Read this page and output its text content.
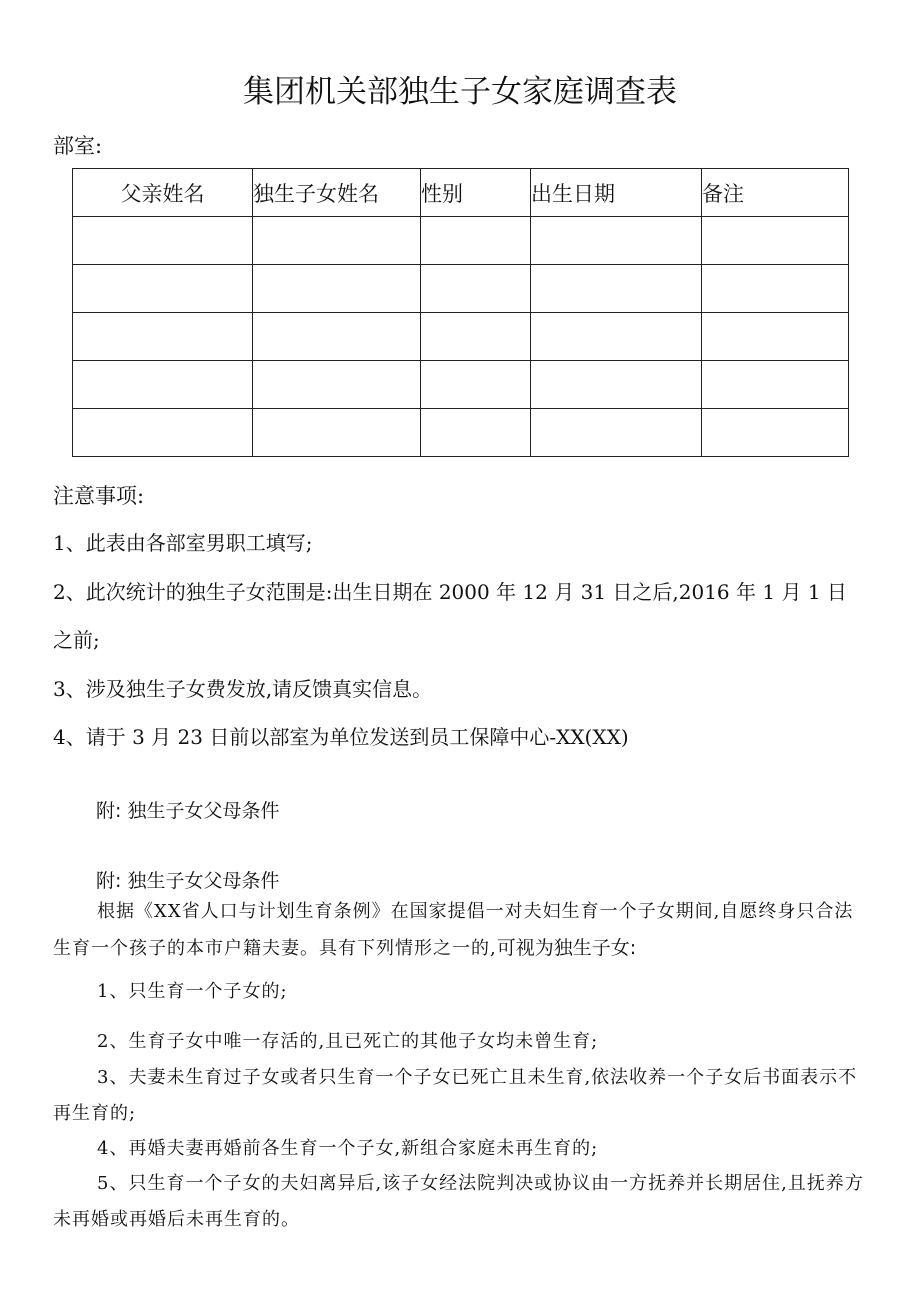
集团机关部独生子女家庭调查表
部室:
父亲姓名	独生子女姓名	性别	出生日期	备注

注意事项:
1、此表由各部室男职工填写;
2、此次统计的独生子女范围是:出生日期在 2000 年 12 月 31 日之后,2016 年 1 月 1 日之前;
3、涉及独生子女费发放,请反馈真实信息。
4、请于 3 月 23 日前以部室为单位发送到员工保障中心-XX(XX)
附: 独生子女父母条件
附: 独生子女父母条件
根据《XX省人口与计划生育条例》在国家提倡一对夫妇生育一个子女期间,自愿终身只合法生育一个孩子的本市户籍夫妻。具有下列情形之一的,可视为独生子女:
1、只生育一个子女的;
2、生育子女中唯一存活的,且已死亡的其他子女均未曾生育;
3、夫妻未生育过子女或者只生育一个子女已死亡且未生育,依法收养一个子女后书面表示不再生育的;
4、再婚夫妻再婚前各生育一个子女,新组合家庭未再生育的;
5、只生育一个子女的夫妇离异后,该子女经法院判决或协议由一方抚养并长期居住,且抚养方未再婚或再婚后未再生育的。
